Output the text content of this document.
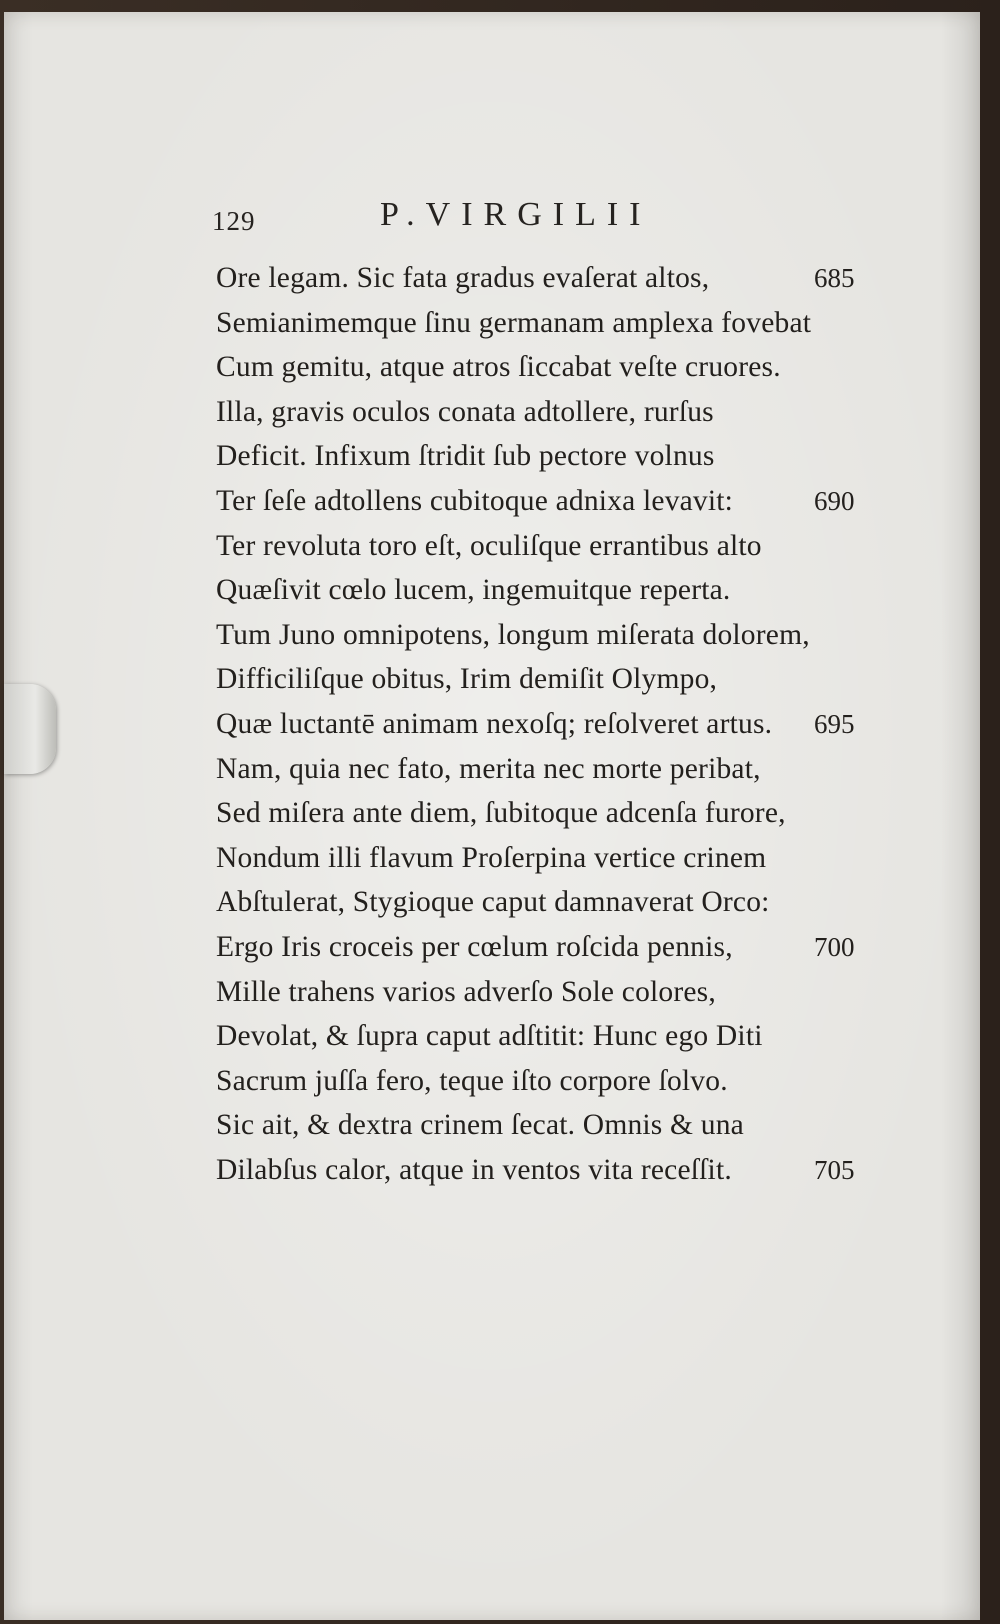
129	P.VIRGILII
Ore legam. Sic fata gradus evaſerat altos,	685
Semianimemque ſinu germanam amplexa fovebat
Cum gemitu, atque atros ſiccabat veſte cruores.
Illa, gravis oculos conata adtollere, rurſus
Deficit. Infixum ſtridit ſub pectore volnus
Ter ſeſe adtollens cubitoque adnixa levavit:	690
Ter revoluta toro eſt, oculiſque errantibus alto
Quæſivit cœlo lucem, ingemuitque reperta.
Tum Juno omnipotens, longum miſerata dolorem,
Difficiliſque obitus, Irim demiſit Olympo,
Quæ luctantē animam nexoſq; reſolveret artus. 695
Nam, quia nec fato, merita nec morte peribat,
Sed miſera ante diem, ſubitoque adcenſa furore,
Nondum illi flavum Proſerpina vertice crinem
Abſtulerat, Stygioque caput damnaverat Orco:
Ergo Iris croceis per cœlum roſcida pennis,	700
Mille trahens varios adverſo Sole colores,
Devolat, & ſupra caput adſtitit: Hunc ego Diti
Sacrum juſſa fero, teque iſto corpore ſolvo.
Sic ait, & dextra crinem ſecat. Omnis & una
Dilabſus calor, atque in ventos vita receſſit.	705
